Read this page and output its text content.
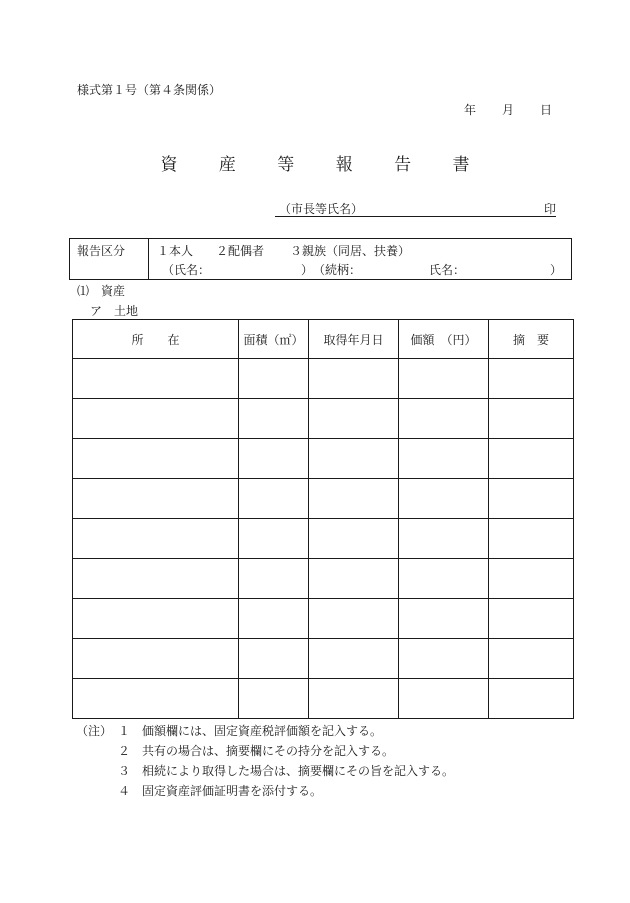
様式第１号（第４条関係）
年 月 日
資 産 等 報 告 書
（市長等氏名）	印
報告区分	１本人 ２配偶者 ３親族（同居、扶養）
（氏名：	） （続柄：	氏名：	）
⑴　資産
ア　土地
所　　在	面積（㎡）	取得年月日	価額　（円）	摘　要

（注） １ 価額欄には、固定資産税評価額を記入する。
２ 共有の場合は、摘要欄にその持分を記入する。
３ 相続により取得した場合は、摘要欄にその旨を記入する。
４ 固定資産評価証明書を添付する。
